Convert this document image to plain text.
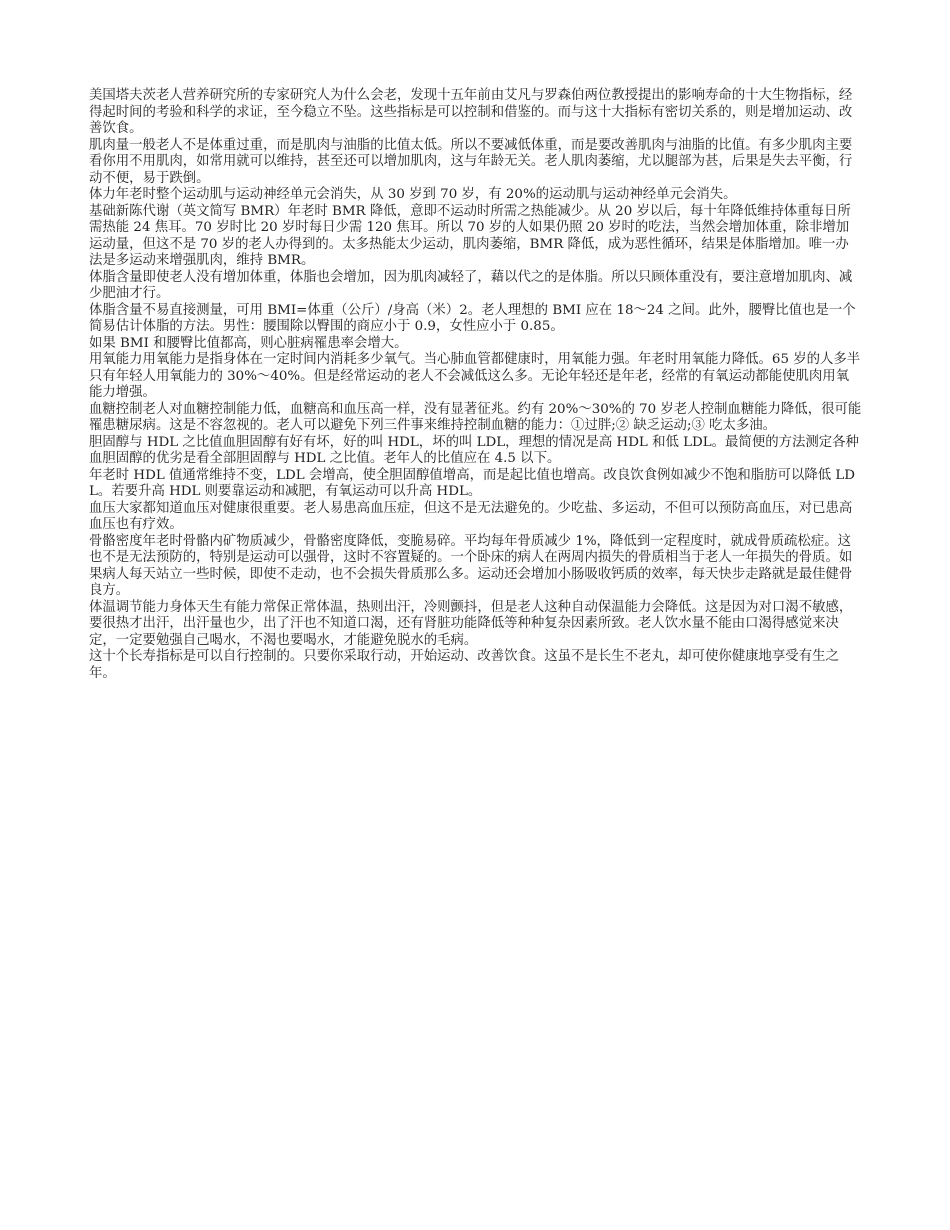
美国塔夫茨老人营养研究所的专家研究人为什么会老，发现十五年前由艾凡与罗森伯两位教授提出的影响寿命的十大生物指标，经得起时间的考验和科学的求证，至今稳立不坠。这些指标是可以控制和借鉴的。而与这十大指标有密切关系的，则是增加运动、改善饮食。

肌肉量一般老人不是体重过重，而是肌肉与油脂的比值太低。所以不要减低体重，而是要改善肌肉与油脂的比值。有多少肌肉主要看你用不用肌肉，如常用就可以维持，甚至还可以增加肌肉，这与年龄无关。老人肌肉萎缩，尤以腿部为甚，后果是失去平衡，行动不便，易于跌倒。

体力年老时整个运动肌与运动神经单元会消失，从 30 岁到 70 岁，有 20%的运动肌与运动神经单元会消失。

基础新陈代谢（英文简写 BMR）年老时 BMR 降低，意即不运动时所需之热能减少。从 20 岁以后，每十年降低维持体重每日所需热能 24 焦耳。70 岁时比 20 岁时每日少需 120 焦耳。所以 70 岁的人如果仍照 20 岁时的吃法，当然会增加体重，除非增加运动量，但这不是 70 岁的老人办得到的。太多热能太少运动，肌肉萎缩，BMR 降低，成为恶性循环，结果是体脂增加。唯一办法是多运动来增强肌肉，维持 BMR。

体脂含量即使老人没有增加体重，体脂也会增加，因为肌肉减轻了，藉以代之的是体脂。所以只顾体重没有，要注意增加肌肉、减少肥油才行。

体脂含量不易直接测量，可用 BMI=体重（公斤）/身高（米）2。老人理想的 BMI 应在 18～24 之间。此外，腰臀比值也是一个简易估计体脂的方法。男性：腰围除以臀围的商应小于 0.9，女性应小于 0.85。

如果 BMI 和腰臀比值都高，则心脏病罹患率会增大。

用氧能力用氧能力是指身体在一定时间内消耗多少氧气。当心肺血管都健康时，用氧能力强。年老时用氧能力降低。65 岁的人多半只有年轻人用氧能力的 30%～40%。但是经常运动的老人不会减低这么多。无论年轻还是年老，经常的有氧运动都能使肌肉用氧能力增强。

血糖控制老人对血糖控制能力低，血糖高和血压高一样，没有显著征兆。约有 20%～30%的 70 岁老人控制血糖能力降低，很可能罹患糖尿病。这是不容忽视的。老人可以避免下列三件事来维持控制血糖的能力：①过胖;② 缺乏运动;③ 吃太多油。

胆固醇与 HDL 之比值血胆固醇有好有坏，好的叫 HDL，坏的叫 LDL，理想的情况是高 HDL 和低 LDL。最简便的方法测定各种血胆固醇的优劣是看全部胆固醇与 HDL 之比值。老年人的比值应在 4.5 以下。

年老时 HDL 值通常维持不变，LDL 会增高，使全胆固醇值增高，而是起比值也增高。改良饮食例如减少不饱和脂肪可以降低 LDL。若要升高 HDL 则要靠运动和减肥，有氧运动可以升高 HDL。

血压大家都知道血压对健康很重要。老人易患高血压症，但这不是无法避免的。少吃盐、多运动，不但可以预防高血压，对已患高血压也有疗效。

骨骼密度年老时骨骼内矿物质减少，骨骼密度降低，变脆易碎。平均每年骨质减少 1%，降低到一定程度时，就成骨质疏松症。这也不是无法预防的，特别是运动可以强骨，这时不容置疑的。一个卧床的病人在两周内损失的骨质相当于老人一年损失的骨质。如果病人每天站立一些时候，即使不走动，也不会损失骨质那么多。运动还会增加小肠吸收钙质的效率，每天快步走路就是最佳健骨良方。

体温调节能力身体天生有能力常保正常体温，热则出汗，冷则颤抖，但是老人这种自动保温能力会降低。这是因为对口渴不敏感，要很热才出汗，出汗量也少，出了汗也不知道口渴，还有肾脏功能降低等种种复杂因素所致。老人饮水量不能由口渴得感觉来决定，一定要勉强自己喝水，不渴也要喝水，才能避免脱水的毛病。

这十个长寿指标是可以自行控制的。只要你采取行动，开始运动、改善饮食。这虽不是长生不老丸，却可使你健康地享受有生之年。
